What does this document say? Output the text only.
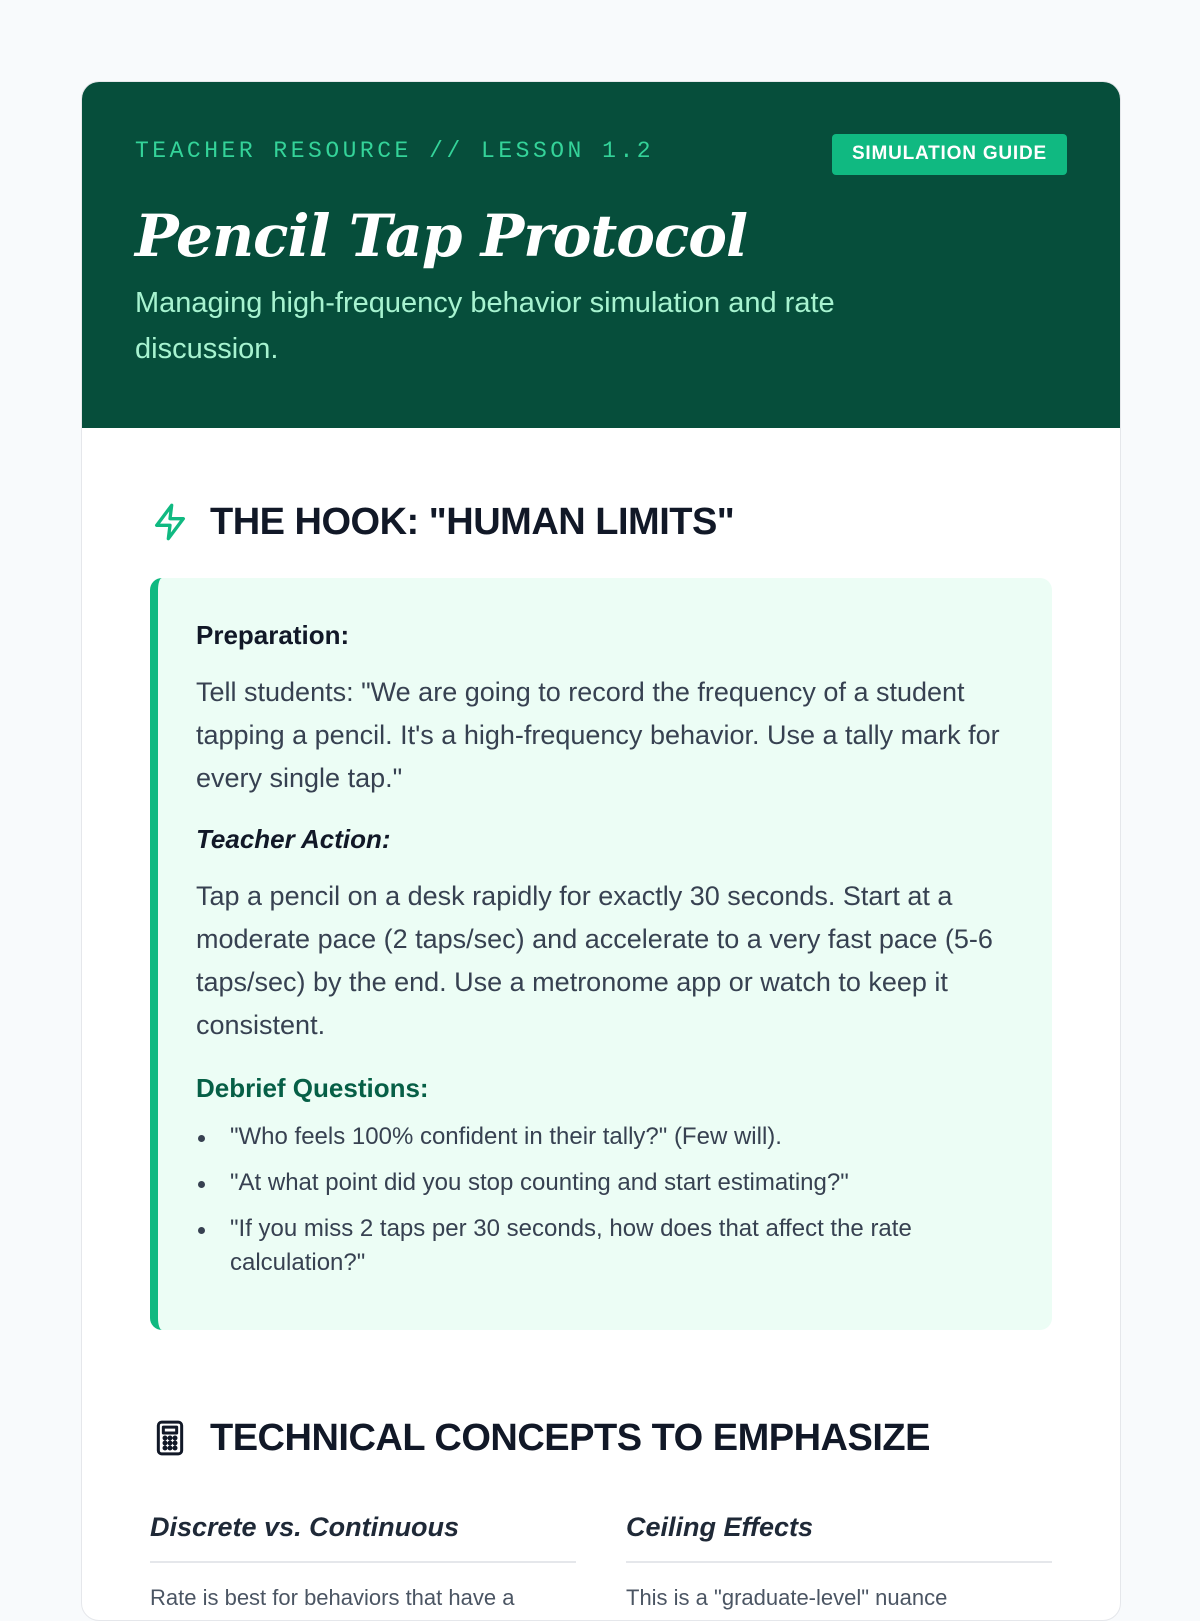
TEACHER RESOURCE // LESSON 1.2	SIMULATION GUIDE
Pencil Tap Protocol
Managing high-frequency behavior simulation and rate discussion.
THE HOOK: "HUMAN LIMITS"
Preparation:
Tell students: "We are going to record the frequency of a student tapping a pencil. It's a high-frequency behavior. Use a tally mark for every single tap."
Teacher Action:
Tap a pencil on a desk rapidly for exactly 30 seconds. Start at a moderate pace (2 taps/sec) and accelerate to a very fast pace (5-6 taps/sec) by the end. Use a metronome app or watch to keep it consistent.
Debrief Questions:
"Who feels 100% confident in their tally?" (Few will).
"At what point did you stop counting and start estimating?"
"If you miss 2 taps per 30 seconds, how does that affect the rate calculation?"
TECHNICAL CONCEPTS TO EMPHASIZE
Discrete vs. Continuous
Rate is best for behaviors that have a
Ceiling Effects
This is a "graduate-level" nuance
